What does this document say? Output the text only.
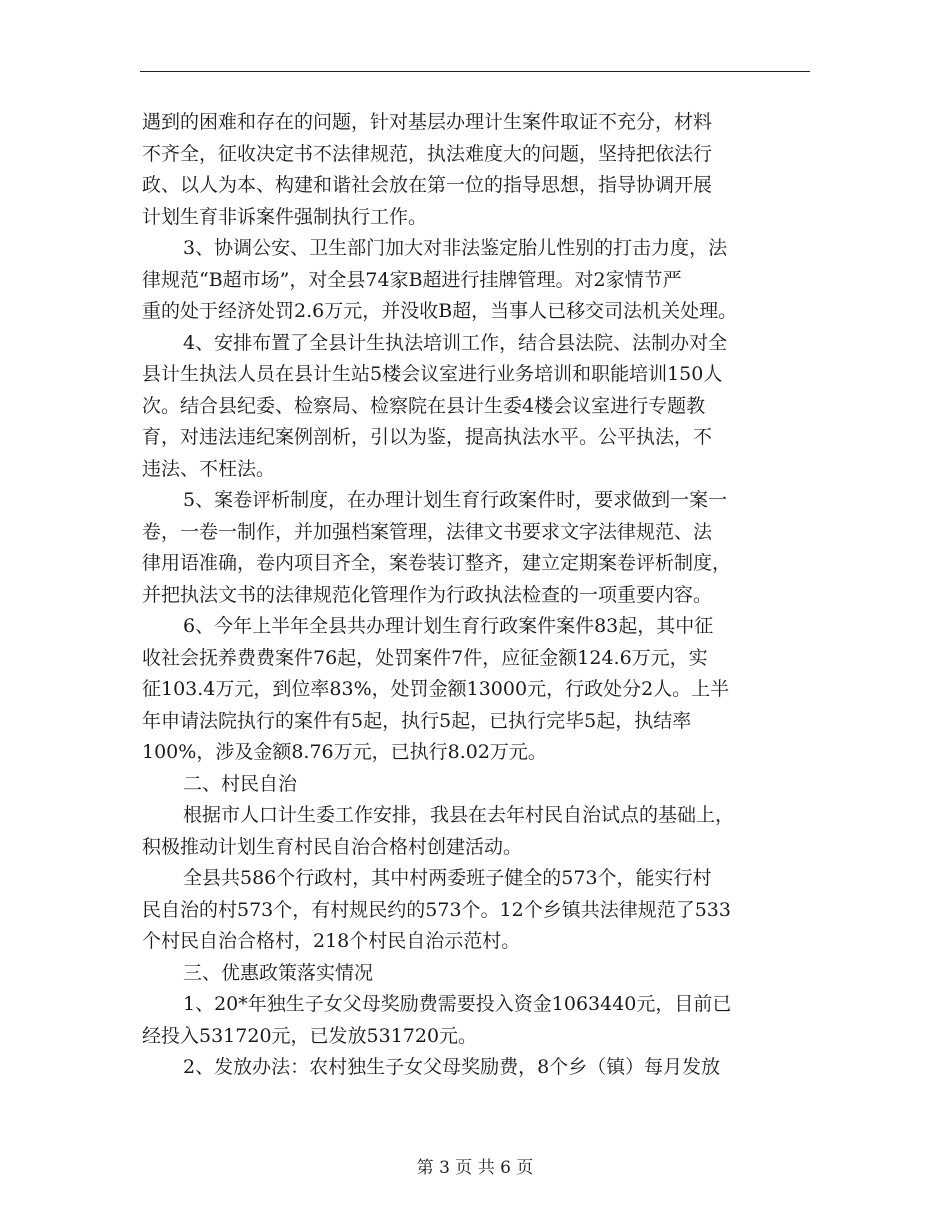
遇到的困难和存在的问题，针对基层办理计生案件取证不充分，材料
不齐全，征收决定书不法律规范，执法难度大的问题，坚持把依法行
政、以人为本、构建和谐社会放在第一位的指导思想，指导协调开展
计划生育非诉案件强制执行工作。
3、协调公安、卫生部门加大对非法鉴定胎儿性别的打击力度，法
律规范“B超市场”，对全县74家B超进行挂牌管理。对2家情节严
重的处于经济处罚2.6万元，并没收B超，当事人已移交司法机关处理。
4、安排布置了全县计生执法培训工作，结合县法院、法制办对全
县计生执法人员在县计生站5楼会议室进行业务培训和职能培训150人
次。结合县纪委、检察局、检察院在县计生委4楼会议室进行专题教
育，对违法违纪案例剖析，引以为鉴，提高执法水平。公平执法，不
违法、不枉法。
5、案卷评析制度，在办理计划生育行政案件时，要求做到一案一
卷，一卷一制作，并加强档案管理，法律文书要求文字法律规范、法
律用语准确，卷内项目齐全，案卷装订整齐，建立定期案卷评析制度，
并把执法文书的法律规范化管理作为行政执法检查的一项重要内容。
6、今年上半年全县共办理计划生育行政案件案件83起，其中征
收社会抚养费费案件76起，处罚案件7件，应征金额124.6万元，实
征103.4万元，到位率83%，处罚金额13000元，行政处分2人。上半
年申请法院执行的案件有5起，执行5起，已执行完毕5起，执结率
100%，涉及金额8.76万元，已执行8.02万元。
二、村民自治
根据市人口计生委工作安排，我县在去年村民自治试点的基础上，
积极推动计划生育村民自治合格村创建活动。
全县共586个行政村，其中村两委班子健全的573个，能实行村
民自治的村573个，有村规民约的573个。12个乡镇共法律规范了533
个村民自治合格村，218个村民自治示范村。
三、优惠政策落实情况
1、20*年独生子女父母奖励费需要投入资金1063440元，目前已
经投入531720元，已发放531720元。
2、发放办法：农村独生子女父母奖励费，8个乡（镇）每月发放
第 3 页 共 6 页
